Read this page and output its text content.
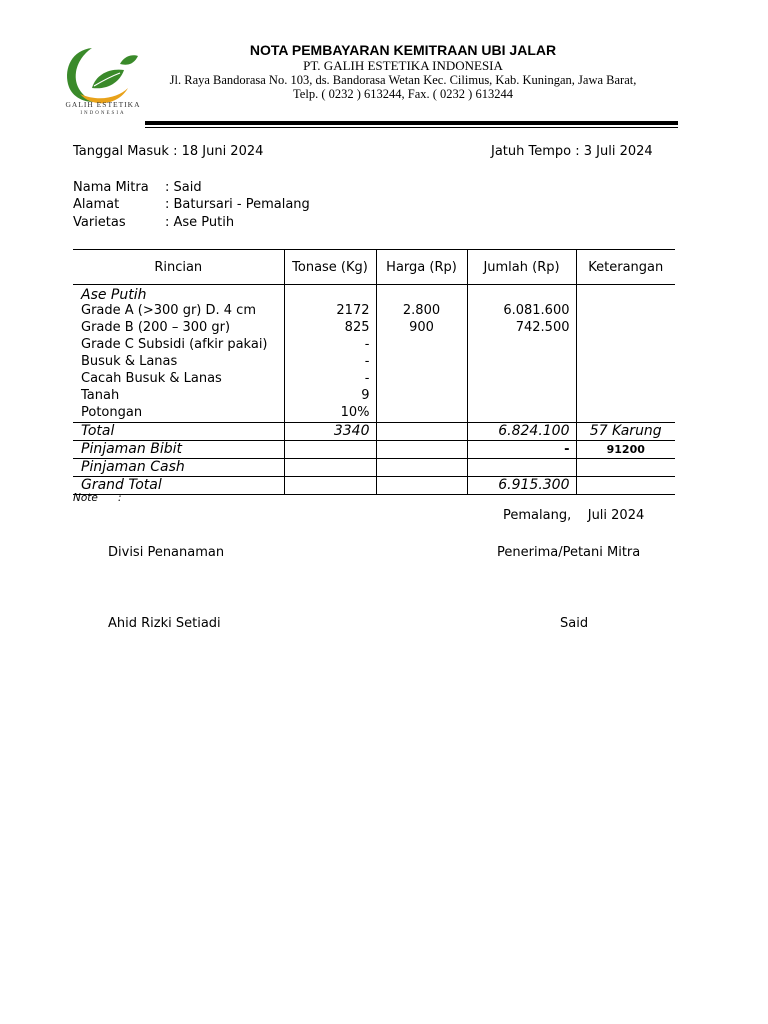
GALIH ESTETIKA
INDONESIA
NOTA PEMBAYARAN KEMITRAAN UBI JALAR
PT. GALIH ESTETIKA INDONESIA
Jl. Raya Bandorasa No. 103, ds. Bandorasa Wetan Kec. Cilimus, Kab. Kuningan, Jawa Barat,
Telp. ( 0232 ) 613244, Fax. ( 0232 ) 613244
Tanggal Masuk : 18 Juni 2024	Jatuh Tempo : 3 Juli 2024
Nama Mitra : Said
Alamat	: Batursari - Pemalang
Varietas	: Ase Putih
Rincian	Tonase (Kg)	Harga (Rp)	Jumlah (Rp)	Keterangan
Ase Putih				
Grade A (>300 gr) D. 4 cm	2172	2.800	6.081.600	
Grade B (200 – 300 gr)	825	900	742.500	
Grade C Subsidi (afkir pakai)	-			
Busuk & Lanas	-			
Cacah Busuk & Lanas	-			
Tanah	9			
Potongan	10%			
Total	3340		6.824.100	57 Karung
Pinjaman Bibit			-	91200
Pinjaman Cash				
Grand Total			6.915.300	
Note :
Pemalang,    Juli 2024
Divisi Penanaman	Penerima/Petani Mitra
Ahid Rizki Setiadi	Said
